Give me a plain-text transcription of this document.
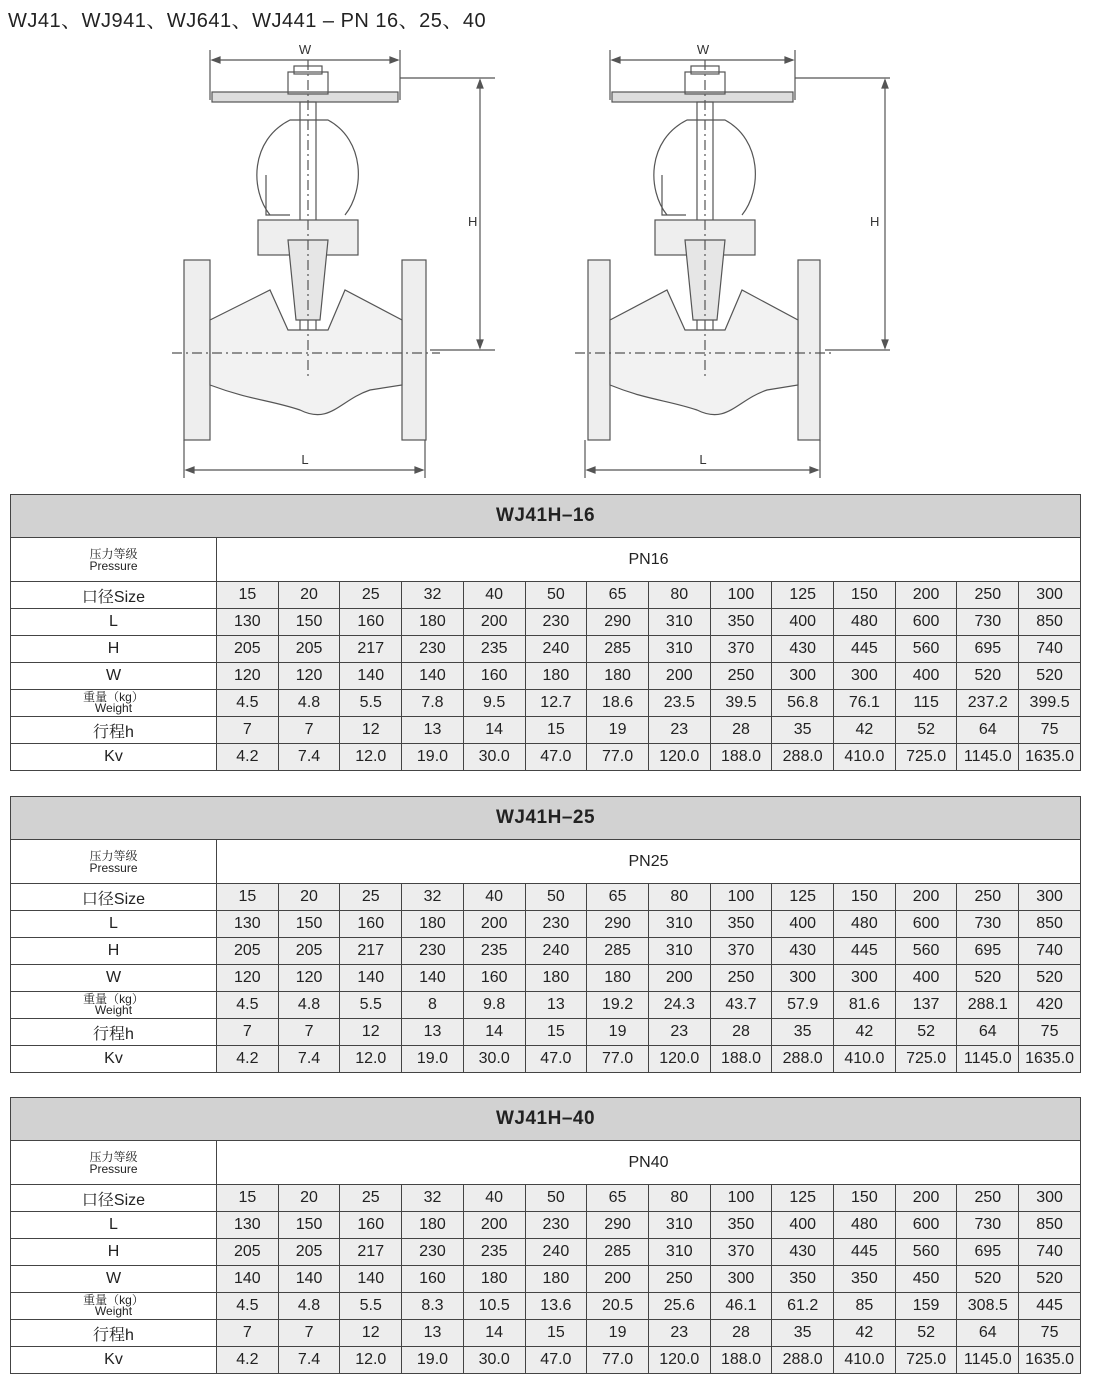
WJ41、WJ941、WJ641、WJ441 – PN 16、25、40
W
H
L
W
H
L
WJ41H–16														

压力等级
Pressure	PN16													
口径Size	15	20	25	32	40	50	65	80	100	125	150	200	250	300
L	130	150	160	180	200	230	290	310	350	400	480	600	730	850
H	205	205	217	230	235	240	285	310	370	430	445	560	695	740
W	120	120	140	140	160	180	180	200	250	300	300	400	520	520

重量（kg）
Weight	4.5	4.8	5.5	7.8	9.5	12.7	18.6	23.5	39.5	56.8	76.1	115	237.2	399.5
行程h	7	7	12	13	14	15	19	23	28	35	42	52	64	75
Kv	4.2	7.4	12.0	19.0	30.0	47.0	77.0	120.0	188.0	288.0	410.0	725.0	1145.0	1635.0
WJ41H–25														

压力等级
Pressure	PN25													
口径Size	15	20	25	32	40	50	65	80	100	125	150	200	250	300
L	130	150	160	180	200	230	290	310	350	400	480	600	730	850
H	205	205	217	230	235	240	285	310	370	430	445	560	695	740
W	120	120	140	140	160	180	180	200	250	300	300	400	520	520

重量（kg）
Weight	4.5	4.8	5.5	8	9.8	13	19.2	24.3	43.7	57.9	81.6	137	288.1	420
行程h	7	7	12	13	14	15	19	23	28	35	42	52	64	75
Kv	4.2	7.4	12.0	19.0	30.0	47.0	77.0	120.0	188.0	288.0	410.0	725.0	1145.0	1635.0
WJ41H–40														

压力等级
Pressure	PN40													
口径Size	15	20	25	32	40	50	65	80	100	125	150	200	250	300
L	130	150	160	180	200	230	290	310	350	400	480	600	730	850
H	205	205	217	230	235	240	285	310	370	430	445	560	695	740
W	140	140	140	160	180	180	200	250	300	350	350	450	520	520

重量（kg）
Weight	4.5	4.8	5.5	8.3	10.5	13.6	20.5	25.6	46.1	61.2	85	159	308.5	445
行程h	7	7	12	13	14	15	19	23	28	35	42	52	64	75
Kv	4.2	7.4	12.0	19.0	30.0	47.0	77.0	120.0	188.0	288.0	410.0	725.0	1145.0	1635.0
